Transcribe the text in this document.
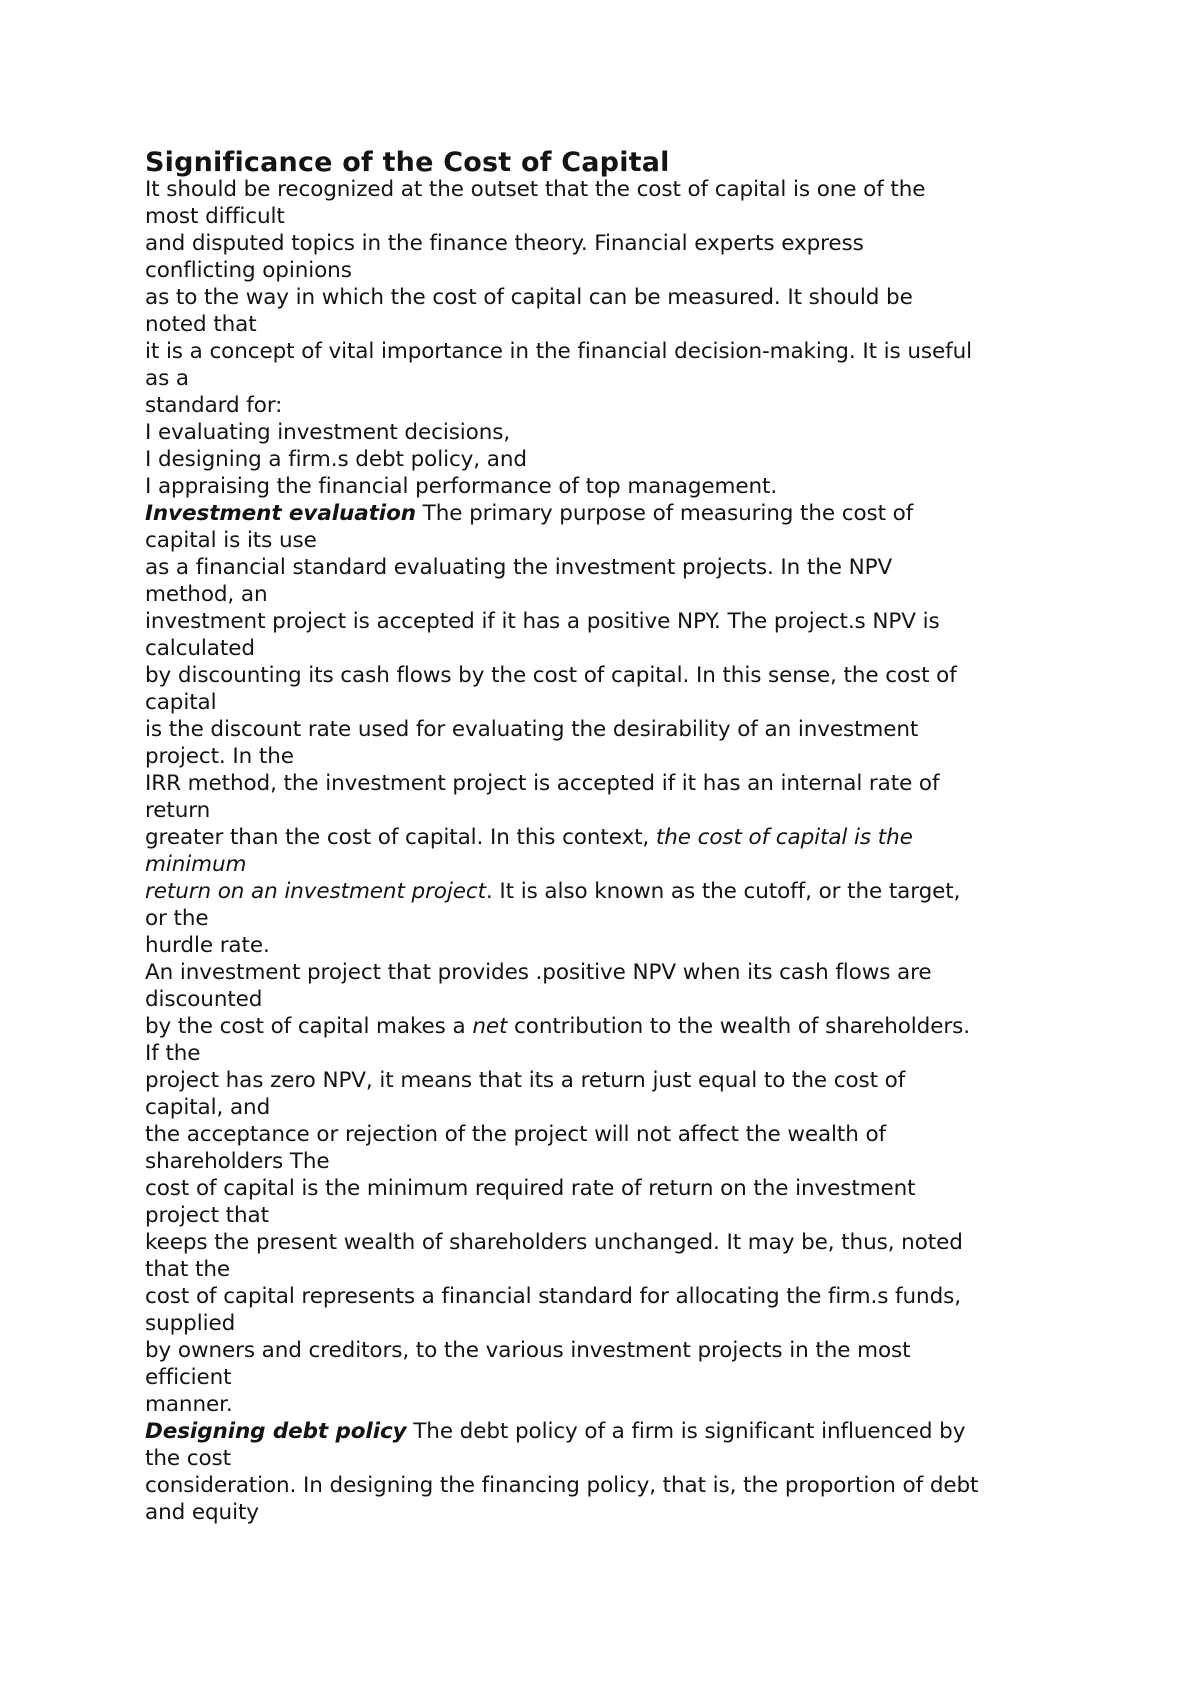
Significance of the Cost of Capital
It should be recognized at the outset that the cost of capital is one of the
most difficult
and disputed topics in the finance theory. Financial experts express
conflicting opinions
as to the way in which the cost of capital can be measured. It should be
noted that
it is a concept of vital importance in the financial decision-making. It is useful
as a
standard for:
I evaluating investment decisions,
I designing a firm.s debt policy, and
I appraising the financial performance of top management.
Investment evaluation The primary purpose of measuring the cost of
capital is its use
as a financial standard evaluating the investment projects. In the NPV
method, an
investment project is accepted if it has a positive NPY. The project.s NPV is
calculated
by discounting its cash flows by the cost of capital. In this sense, the cost of
capital
is the discount rate used for evaluating the desirability of an investment
project. In the
IRR method, the investment project is accepted if it has an internal rate of
return
greater than the cost of capital. In this context, the cost of capital is the
minimum
return on an investment project. It is also known as the cutoff, or the target,
or the
hurdle rate.
An investment project that provides .positive NPV when its cash flows are
discounted
by the cost of capital makes a net contribution to the wealth of shareholders.
If the
project has zero NPV, it means that its a return just equal to the cost of
capital, and
the acceptance or rejection of the project will not affect the wealth of
shareholders The
cost of capital is the minimum required rate of return on the investment
project that
keeps the present wealth of shareholders unchanged. It may be, thus, noted
that the
cost of capital represents a financial standard for allocating the firm.s funds,
supplied
by owners and creditors, to the various investment projects in the most
efficient
manner.
Designing debt policy The debt policy of a firm is significant influenced by
the cost
consideration. In designing the financing policy, that is, the proportion of debt
and equity
